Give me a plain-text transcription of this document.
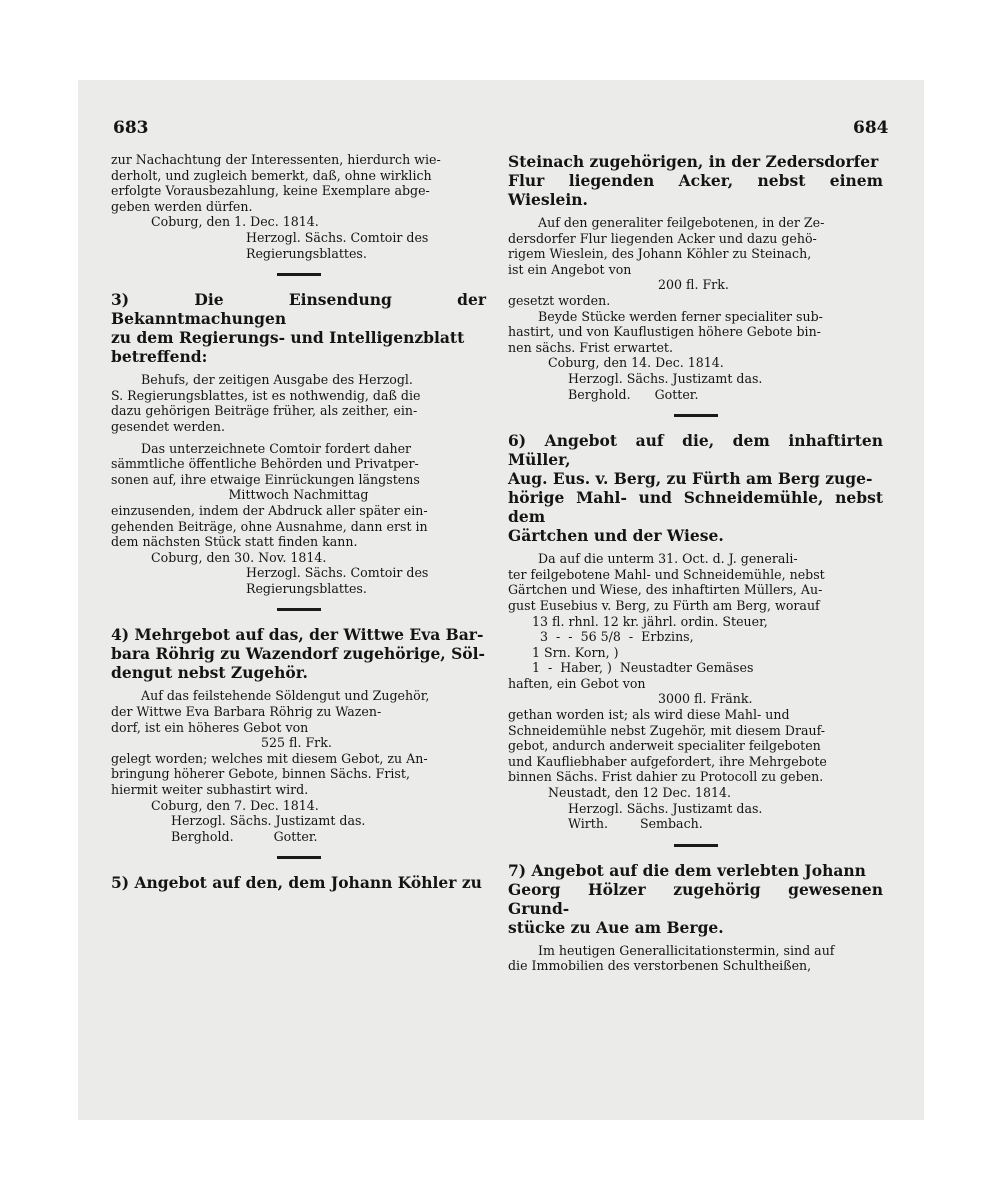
683	684

zur Nachachtung der Interessenten, hierdurch wie-

derholt, und zugleich bemerkt, daß, ohne wirklich

erfolgte Vorausbezahlung, keine Exemplare abge-

geben werden dürfen.

Coburg, den 1. Dec. 1814.

Herzogl. Sächs. Comtoir des

Regierungsblattes.

3) Die Einsendung der Bekanntmachungen

zu dem Regierungs- und Intelligenzblatt

betreffend:

Behufs, der zeitigen Ausgabe des Herzogl.

S. Regierungsblattes, ist es nothwendig, daß die

dazu gehörigen Beiträge früher, als zeither, ein-

gesendet werden.

Das unterzeichnete Comtoir fordert daher

sämmtliche öffentliche Behörden und Privatper-

sonen auf, ihre etwaige Einrückungen längstens

Mittwoch Nachmittag

einzusenden, indem der Abdruck aller später ein-

gehenden Beiträge, ohne Ausnahme, dann erst in

dem nächsten Stück statt finden kann.

Coburg, den 30. Nov. 1814.

Herzogl. Sächs. Comtoir des

Regierungsblattes.

4) Mehrgebot auf das, der Wittwe Eva Bar-

bara Röhrig zu Wazendorf zugehörige, Söl-

dengut nebst Zugehör.

Auf das feilstehende Söldengut und Zugehör,

der Wittwe Eva Barbara Röhrig zu Wazen-

dorf, ist ein höheres Gebot von

525 fl. Frk.

gelegt worden; welches mit diesem Gebot, zu An-

bringung höherer Gebote, binnen Sächs. Frist,

hiermit weiter subhastirt wird.

Coburg, den 7. Dec. 1814.

Herzogl. Sächs. Justizamt das.

Berghold.          Gotter.

5) Angebot auf den, dem Johann Köhler zu

Steinach zugehörigen, in der Zedersdorfer

Flur liegenden Acker, nebst einem Wieslein.

Auf den generaliter feilgebotenen, in der Ze-

dersdorfer Flur liegenden Acker und dazu gehö-

rigem Wieslein, des Johann Köhler zu Steinach,

ist ein Angebot von

200 fl. Frk.

gesetzt worden.

Beyde Stücke werden ferner specialiter sub-

hastirt, und von Kauflustigen höhere Gebote bin-

nen sächs. Frist erwartet.

Coburg, den 14. Dec. 1814.

Herzogl. Sächs. Justizamt das.

Berghold.      Gotter.

6) Angebot auf die, dem inhaftirten Müller,

Aug. Eus. v. Berg, zu Fürth am Berg zuge-

hörige Mahl- und Schneidemühle, nebst dem

Gärtchen und der Wiese.

Da auf die unterm 31. Oct. d. J. generali-

ter feilgebotene Mahl- und Schneidemühle, nebst

Gärtchen und Wiese, des inhaftirten Müllers, Au-

gust Eusebius v. Berg, zu Fürth am Berg, worauf

13 fl. rhnl. 12 kr. jährl. ordin. Steuer,

3  -  -  56 5/8  -  Erbzins,

1 Srn. Korn, )

1  -  Haber, )  Neustadter Gemäses

haften, ein Gebot von

3000 fl. Fränk.

gethan worden ist; als wird diese Mahl- und

Schneidemühle nebst Zugehör, mit diesem Drauf-

gebot, andurch anderweit specialiter feilgeboten

und Kaufliebhaber aufgefordert, ihre Mehrgebote

binnen Sächs. Frist dahier zu Protocoll zu geben.

Neustadt, den 12 Dec. 1814.

Herzogl. Sächs. Justizamt das.

Wirth.        Sembach.

7) Angebot auf die dem verlebten Johann

Georg Hölzer zugehörig gewesenen Grund-

stücke zu Aue am Berge.

Im heutigen Generallicitationstermin, sind auf

die Immobilien des verstorbenen Schultheißen,
